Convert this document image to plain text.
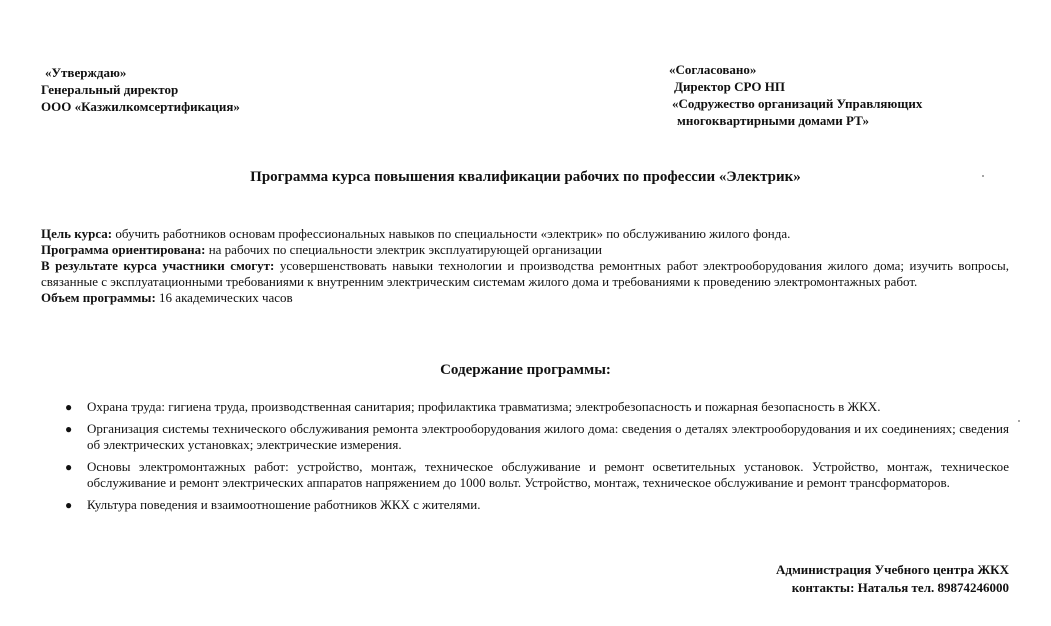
«Утверждаю»
Генеральный директор
ООО «Казжилкомсертификация»
«Согласовано»
Директор СРО НП
«Содружество организаций Управляющих
многоквартирными домами РТ»
Программа курса повышения квалификации рабочих по профессии «Электрик»

Цель курса: обучить работников основам профессиональных навыков по специальности «электрик» по обслуживанию жилого фонда.

Программа ориентирована: на рабочих по специальности электрик эксплуатирующей организации

В результате курса участники смогут: усовершенствовать навыки технологии и производства ремонтных работ электрооборудования жилого дома; изучить вопросы, связанные с эксплуатационными требованиями к внутренним электрическим системам жилого дома и требованиями к проведению электромонтажных работ.

Объем программы: 16 академических часов

Содержание программы:
● Охрана труда: гигиена труда, производственная санитария; профилактика травматизма; электробезопасность и пожарная безопасность в ЖКХ.
● Организация системы технического обслуживания ремонта электрооборудования жилого дома: сведения о деталях электрооборудования и их соединениях; сведения об электрических установках; электрические измерения.
● Основы электромонтажных работ: устройство, монтаж, техническое обслуживание и ремонт осветительных установок. Устройство, монтаж, техническое обслуживание и ремонт электрических аппаратов напряжением до 1000 вольт. Устройство, монтаж, техническое обслуживание и ремонт трансформаторов.
● Культура поведения и взаимоотношение работников ЖКХ с жителями.
Администрация Учебного центра ЖКХ
контакты: Наталья тел. 89874246000
